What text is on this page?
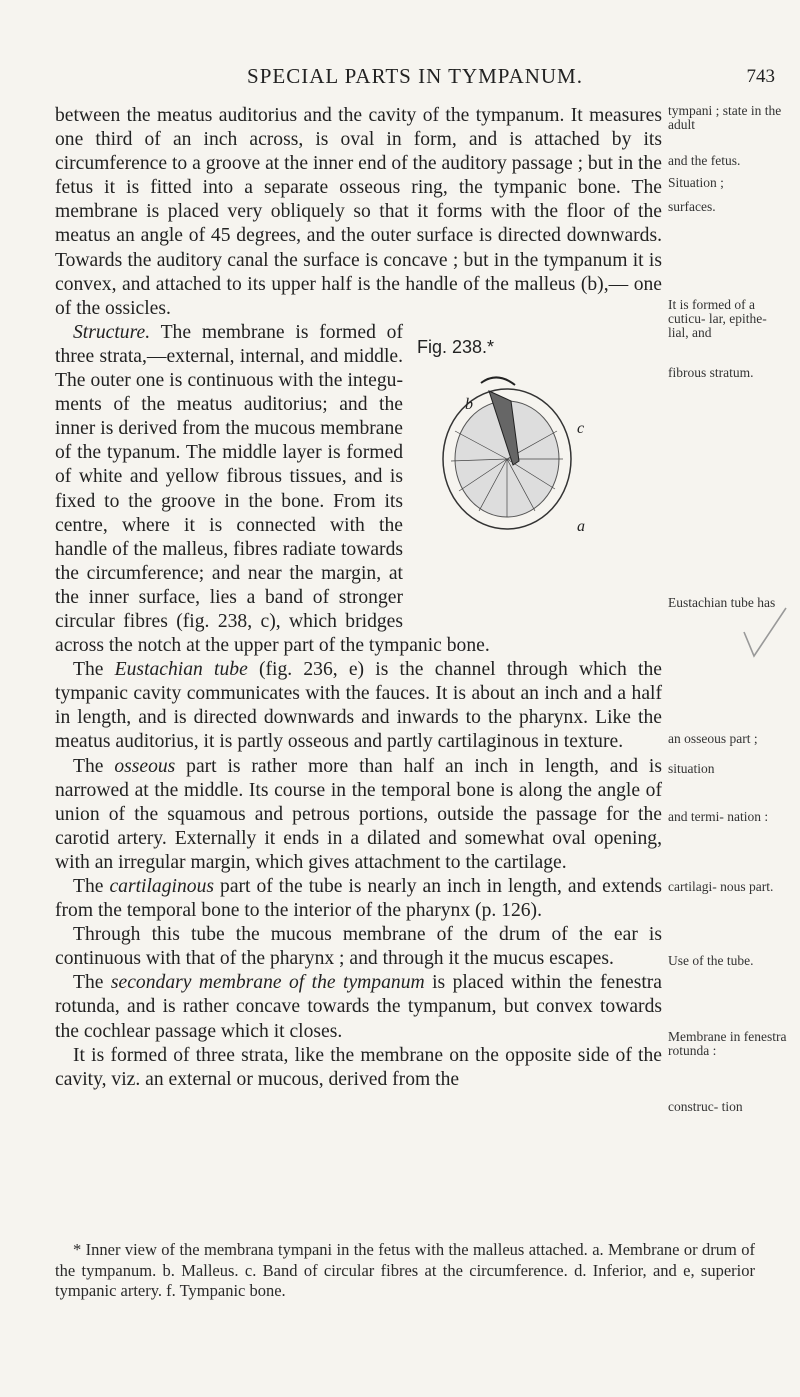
SPECIAL PARTS IN TYMPANUM.	743

between the meatus auditorius and the cavity of the tympanum. It measures one third of an inch across, is oval in form, and is attached by its circumference to a groove at the inner end of the auditory passage ; but in the fetus it is fitted into a separate osseous ring, the tympanic bone. The membrane is placed very obliquely so that it forms with the floor of the meatus an angle of 45 degrees, and the outer surface is directed downwards. Towards the auditory canal the surface is concave ; but in the tympanum it is convex, and attached to its upper half is the handle of the malleus (b),— one of the ossicles.

Fig. 238.*
b
c
a

Structure. The membrane is formed of three strata,—external, internal, and middle. The outer one is continuous with the integu- ments of the meatus auditorius; and the inner is derived from the mucous membrane of the typanum. The middle layer is formed of white and yellow fibrous tissues, and is fixed to the groove in the bone. From its centre, where it is connected with the handle of the malleus, fibres radiate towards the circumference; and near the margin, at the inner surface, lies a band of stronger circular fibres (fig. 238, c), which bridges across the notch at the upper part of the tympanic bone.

The Eustachian tube (fig. 236, e) is the channel through which the tympanic cavity communicates with the fauces. It is about an inch and a half in length, and is directed downwards and inwards to the pharynx. Like the meatus auditorius, it is partly osseous and partly cartilaginous in texture.

The osseous part is rather more than half an inch in length, and is narrowed at the middle. Its course in the temporal bone is along the angle of union of the squamous and petrous portions, outside the passage for the carotid artery. Externally it ends in a dilated and somewhat oval opening, with an irregular margin, which gives attachment to the cartilage.

The cartilaginous part of the tube is nearly an inch in length, and extends from the temporal bone to the interior of the pharynx (p. 126).

Through this tube the mucous membrane of the drum of the ear is continuous with that of the pharynx ; and through it the mucus escapes.

The secondary membrane of the tympanum is placed within the fenestra rotunda, and is rather concave towards the tympanum, but convex towards the cochlear passage which it closes.

It is formed of three strata, like the membrane on the opposite side of the cavity, viz. an external or mucous, derived from the

tympani ; state in the adult
and the fetus.
Situation ;
surfaces.
It is formed of a cuticu- lar, epithe- lial, and
fibrous stratum.
Eustachian tube has
an osseous part ;
situation
and termi- nation :
cartilagi- nous part.
Use of the tube.
Membrane in fenestra rotunda :
construc- tion

* Inner view of the membrana tympani in the fetus with the malleus attached. a. Membrane or drum of the tympanum. b. Malleus. c. Band of circular fibres at the circumference. d. Inferior, and e, superior tympanic artery. f. Tympanic bone.
